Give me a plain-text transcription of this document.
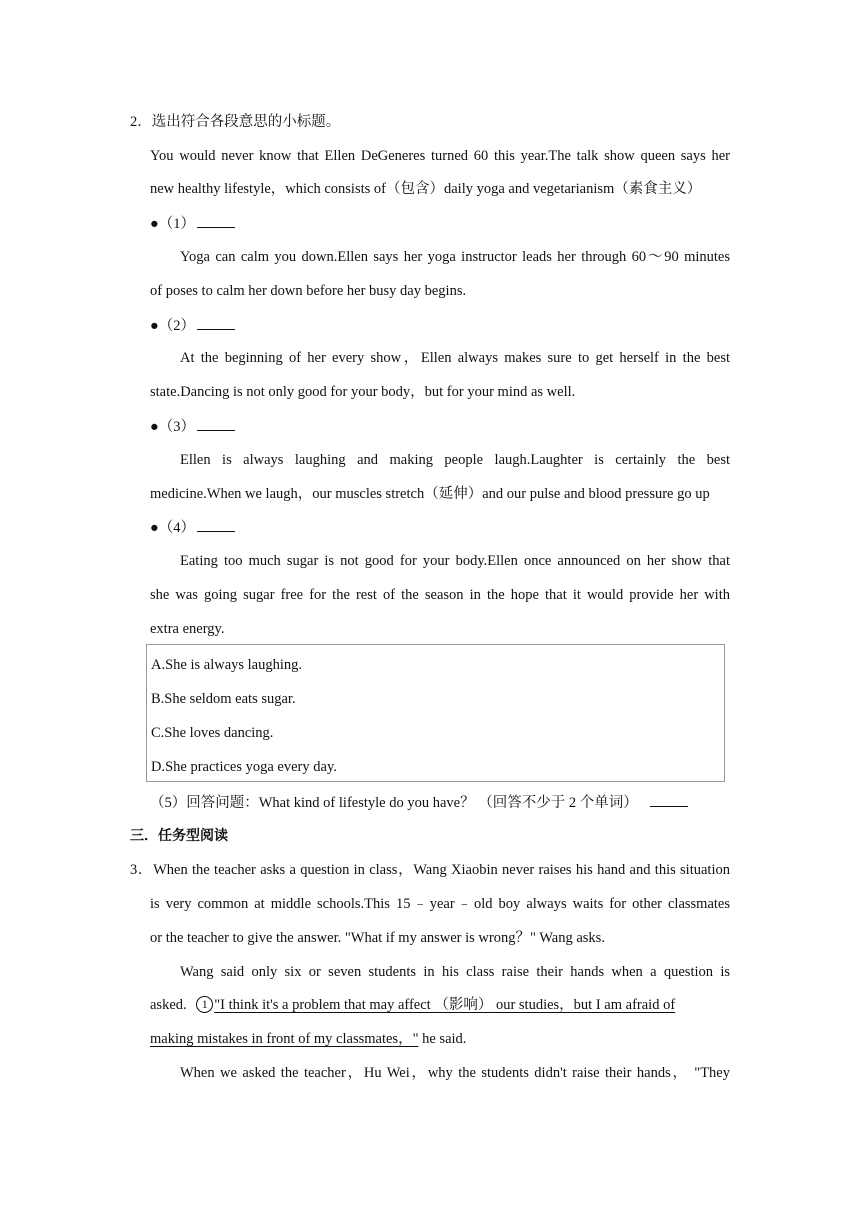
2．选出符合各段意思的小标题。
You would never know that Ellen DeGeneres turned 60 this year.The talk show queen says her
new healthy lifestyle，which consists of（包含）daily yoga and vegetarianism（素食主义）
●（1）
Yoga can calm you down.Ellen says her yoga instructor leads her through 60～90 minutes
of poses to calm her down before her busy day begins.
●（2）
At the beginning of her every show，Ellen always makes sure to get herself in the best
state.Dancing is not only good for your body，but for your mind as well.
●（3）
Ellen is always laughing and making people laugh.Laughter is certainly the best
medicine.When we laugh，our muscles stretch（延伸）and our pulse and blood pressure go up
●（4）
Eating too much sugar is not good for your body.Ellen once announced on her show that
she was going sugar free for the rest of the season in the hope that it would provide her with
extra energy.
A.She is always laughing.
B.She seldom eats sugar.
C.She loves dancing.
D.She practices yoga every day.
（5）回答问题：What kind of lifestyle do you have？ （回答不少于 2 个单词）
三．任务型阅读
3．When the teacher asks a question in class，Wang Xiaobin never raises his hand and this situation
is very common at middle schools.This 15﹣year﹣old boy always waits for other classmates
or the teacher to give the answer. "What if my answer is wrong？" Wang asks.
Wang said only six or seven students in his class raise their hands when a question is
asked. 1 "I think it's a problem that may affect （影响） our studies，but I am afraid of
making mistakes in front of my classmates，" he said.
When we asked the teacher，Hu Wei，why the students didn't raise their hands， "They
